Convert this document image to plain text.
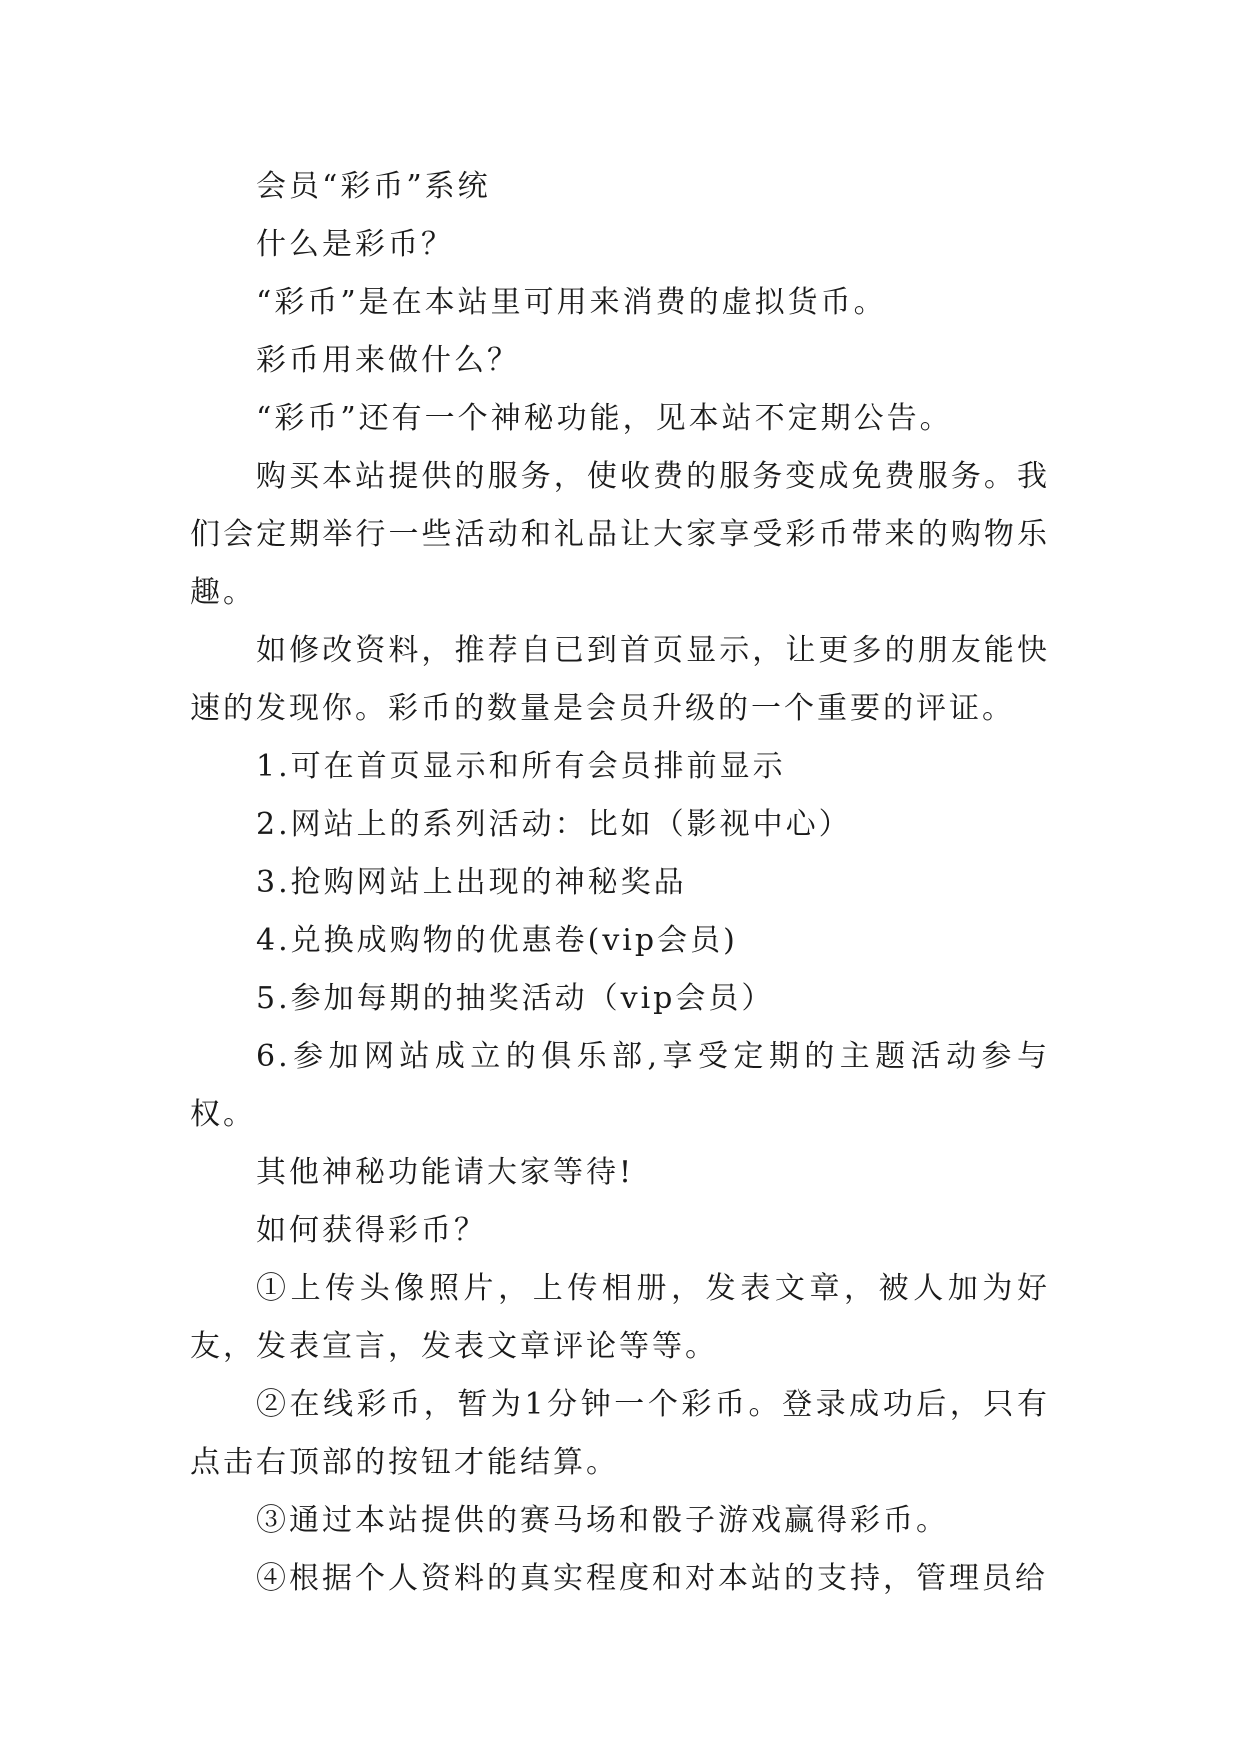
会员“彩币”系统

什么是彩币？

“彩币”是在本站里可用来消费的虚拟货币。

彩币用来做什么？

“彩币”还有一个神秘功能，见本站不定期公告。

购买本站提供的服务，使收费的服务变成免费服务。我们会定期举行一些活动和礼品让大家享受彩币带来的购物乐趣。

如修改资料，推荐自已到首页显示，让更多的朋友能快速的发现你。彩币的数量是会员升级的一个重要的评证。

1.可在首页显示和所有会员排前显示

2.网站上的系列活动：比如（影视中心）

3.抢购网站上出现的神秘奖品

4.兑换成购物的优惠卷(vip会员)

5.参加每期的抽奖活动（vip会员）

6.参加网站成立的俱乐部,享受定期的主题活动参与权。

其他神秘功能请大家等待!

如何获得彩币？

①上传头像照片，上传相册，发表文章，被人加为好友，发表宣言，发表文章评论等等。

②在线彩币，暂为1分钟一个彩币。登录成功后，只有点击右顶部的按钮才能结算。

③通过本站提供的赛马场和骰子游戏赢得彩币。

④根据个人资料的真实程度和对本站的支持，管理员给
